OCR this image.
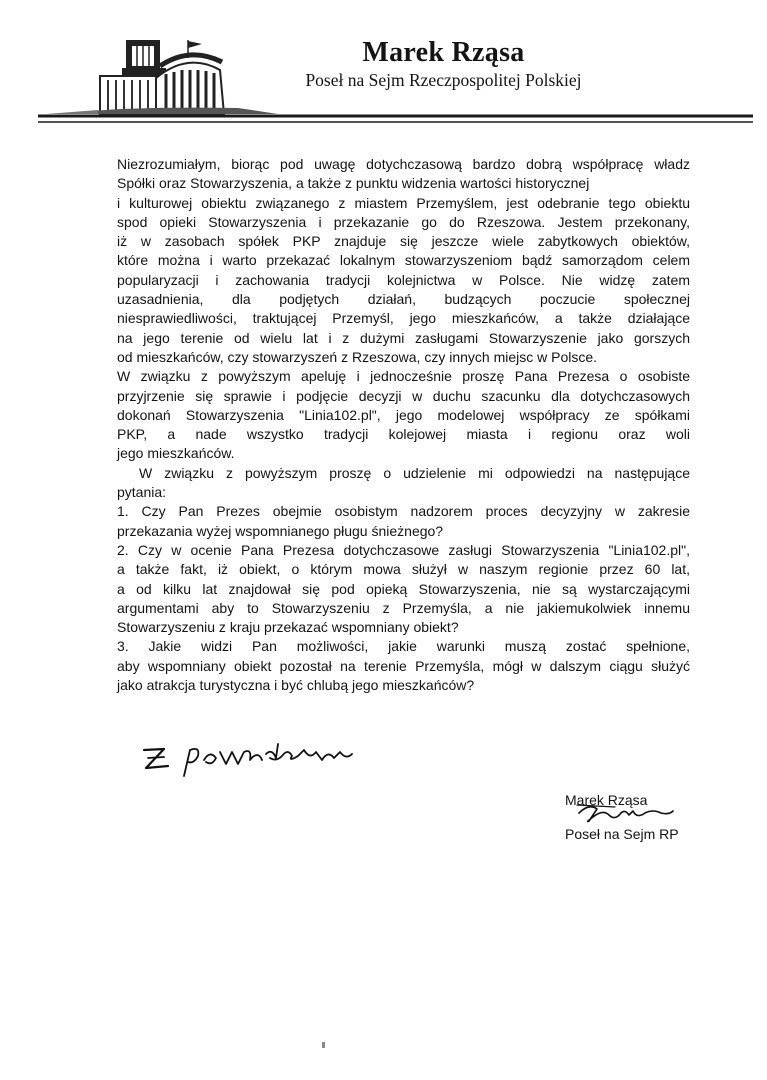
Marek Rząsa
Poseł na Sejm Rzeczpospolitej Polskiej
Niezrozumiałym, biorąc pod uwagę dotychczasową bardzo dobrą współpracę władz
Spółki oraz Stowarzyszenia, a także z punktu widzenia wartości historycznej
i kulturowej obiektu związanego z miastem Przemyślem, jest odebranie tego obiektu
spod opieki Stowarzyszenia i przekazanie go do Rzeszowa. Jestem przekonany,
iż w zasobach spółek PKP znajduje się jeszcze wiele zabytkowych obiektów,
które można i warto przekazać lokalnym stowarzyszeniom bądź samorządom celem
popularyzacji i zachowania tradycji kolejnictwa w Polsce. Nie widzę zatem
uzasadnienia, dla podjętych działań, budzących poczucie społecznej
niesprawiedliwości, traktującej Przemyśl, jego mieszkańców, a także działające
na jego terenie od wielu lat i z dużymi zasługami Stowarzyszenie jako gorszych
od mieszkańców, czy stowarzyszeń z Rzeszowa, czy innych miejsc w Polsce.
W związku z powyższym apeluję i jednocześnie proszę Pana Prezesa o osobiste
przyjrzenie się sprawie i podjęcie decyzji w duchu szacunku dla dotychczasowych
dokonań Stowarzyszenia "Linia102.pl", jego modelowej współpracy ze spółkami
PKP, a nade wszystko tradycji kolejowej miasta i regionu oraz woli
jego mieszkańców.
W związku z powyższym proszę o udzielenie mi odpowiedzi na następujące
pytania:
1. Czy Pan Prezes obejmie osobistym nadzorem proces decyzyjny w zakresie
przekazania wyżej wspomnianego pługu śnieżnego?
2. Czy w ocenie Pana Prezesa dotychczasowe zasługi Stowarzyszenia "Linia102.pl",
a także fakt, iż obiekt, o którym mowa służył w naszym regionie przez 60 lat,
a od kilku lat znajdował się pod opieką Stowarzyszenia, nie są wystarczającymi
argumentami aby to Stowarzyszeniu z Przemyśla, a nie jakiemukolwiek innemu
Stowarzyszeniu z kraju przekazać wspomniany obiekt?
3. Jakie widzi Pan możliwości, jakie warunki muszą zostać spełnione,
aby wspomniany obiekt pozostał na terenie Przemyśla, mógł w dalszym ciągu służyć
jako atrakcja turystyczna i być chlubą jego mieszkańców?
Marek Rząsa
Poseł na Sejm RP
